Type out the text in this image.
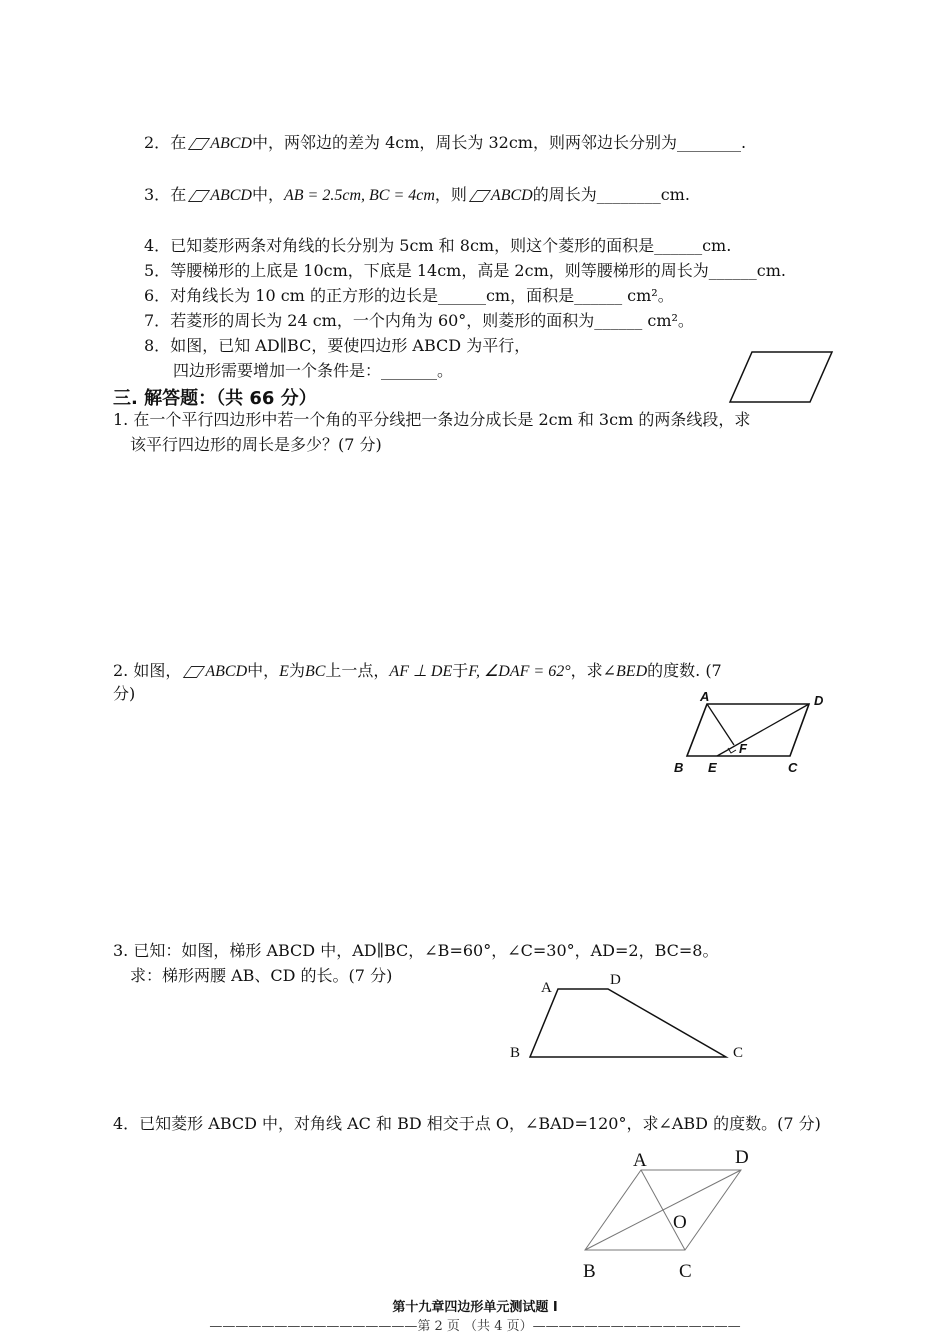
2．在 ABCD中，两邻边的差为 4cm，周长为 32cm，则两邻边长分别为________.
3．在 ABCD中，AB = 2.5cm, BC = 4cm，则 ABCD的周长为________cm.
4．已知菱形两条对角线的长分别为 5cm 和 8cm，则这个菱形的面积是______cm.
5．等腰梯形的上底是 10cm，下底是 14cm，高是 2cm，则等腰梯形的周长为______cm.
6．对角线长为 10 cm 的正方形的边长是______cm，面积是______ cm²。
7．若菱形的周长为 24 cm，一个内角为 60°，则菱形的面积为______ cm²。
8．如图，已知 AD∥BC，要使四边形 ABCD 为平行，
四边形需要增加一个条件是：_______。
三. 解答题：（共 66 分）
1. 在一个平行四边形中若一个角的平分线把一条边分成长是 2cm 和 3cm 的两条线段，求
该平行四边形的周长是多少？(7 分)
2. 如图， ABCD中，E为BC上一点，AF ⊥ DE于F, ∠DAF = 62°，求∠BED的度数. (7
分)	A	D
B E
F
C
3. 已知：如图，梯形 ABCD 中，AD∥BC，∠B=60°，∠C=30°，AD=2，BC=8。
求：梯形两腰 AB、CD 的长。(7 分)
A	D
B	C
4．已知菱形 ABCD 中，对角线 AC 和 BD 相交于点 O，∠BAD=120°，求∠ABD 的度数。(7 分)
A	D
O
B	C
第十九章四边形单元测试题 I
————————————————第 2 页 （共 4 页）————————————————
